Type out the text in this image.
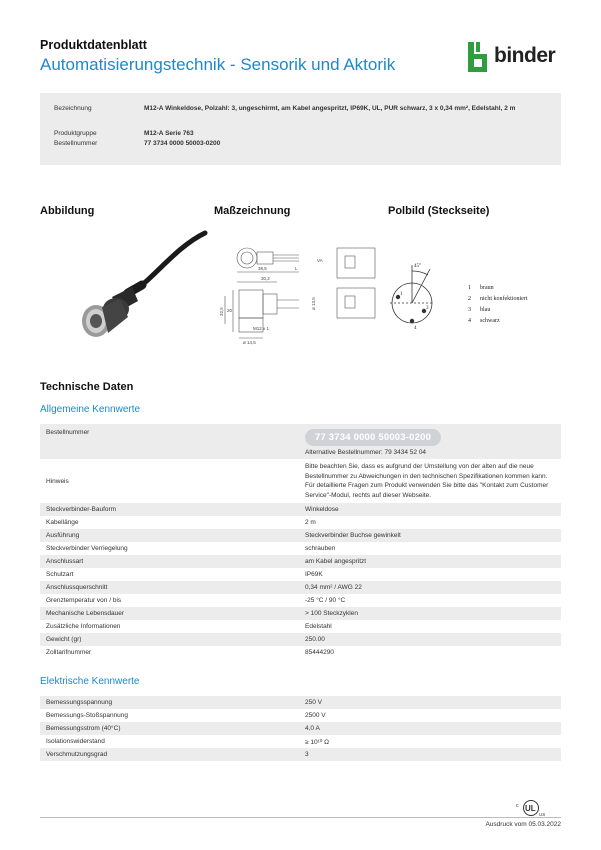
Produktdatenblatt
Automatisierungstechnik - Sensorik und Aktorik	binder
Bezeichnung	M12-A Winkeldose, Polzahl: 3, ungeschirmt, am Kabel angespritzt, IP69K, UL, PUR schwarz, 3 x 0,34 mm², Edelstahl, 2 m
Produktgruppe	M12-A Serie 763
Bestellnummer	77 3734 0000 50003-0200
Abbildung	Maßzeichnung	Polbild (Steckseite)
38,5
30,2
L
32,5 20
M12 x 1
ø 14,5
ø 13,5
VA
45°
1
3
4
1 braun
2 nicht konfektioniert
3 blau
4 schwarz
Technische Daten
Allgemeine Kennwerte
Bestellnummer	77 3734 0000 50003-0200
Alternative Bestellnummer: 79 3434 52 04

Hinweis	Bitte beachten Sie, dass es aufgrund der Umstellung von der alten auf die neue Bestellnummer zu Abweichungen in den technischen Spezifikationen kommen kann. Für detaillierte Fragen zum Produkt verwenden Sie bitte das "Kontakt zum Customer Service"-Modul, rechts auf dieser Webseite.
Steckverbinder-Bauform	Winkeldose
Kabellänge	2 m
Ausführung	Steckverbinder Buchse gewinkelt
Steckverbinder Verriegelung	schrauben
Anschlussart	am Kabel angespritzt
Schutzart	IP69K
Anschlussquerschnitt	0,34 mm² / AWG 22
Grenztemperatur von / bis	-25 °C / 90 °C
Mechanische Lebensdauer	> 100 Steckzyklen
Zusätzliche Informationen	Edelstahl
Gewicht (gr)	250.00
Zolltarifnummer	85444290
Elektrische Kennwerte
Bemessungsspannung	250 V
Bemessungs-Stoßspannung	2500 V
Bemessungsstrom (40°C)	4,0 A
Isolationswiderstand	≥ 10¹⁰ Ω
Verschmutzungsgrad	3
UL
c
US
Ausdruck vom 05.03.2022
